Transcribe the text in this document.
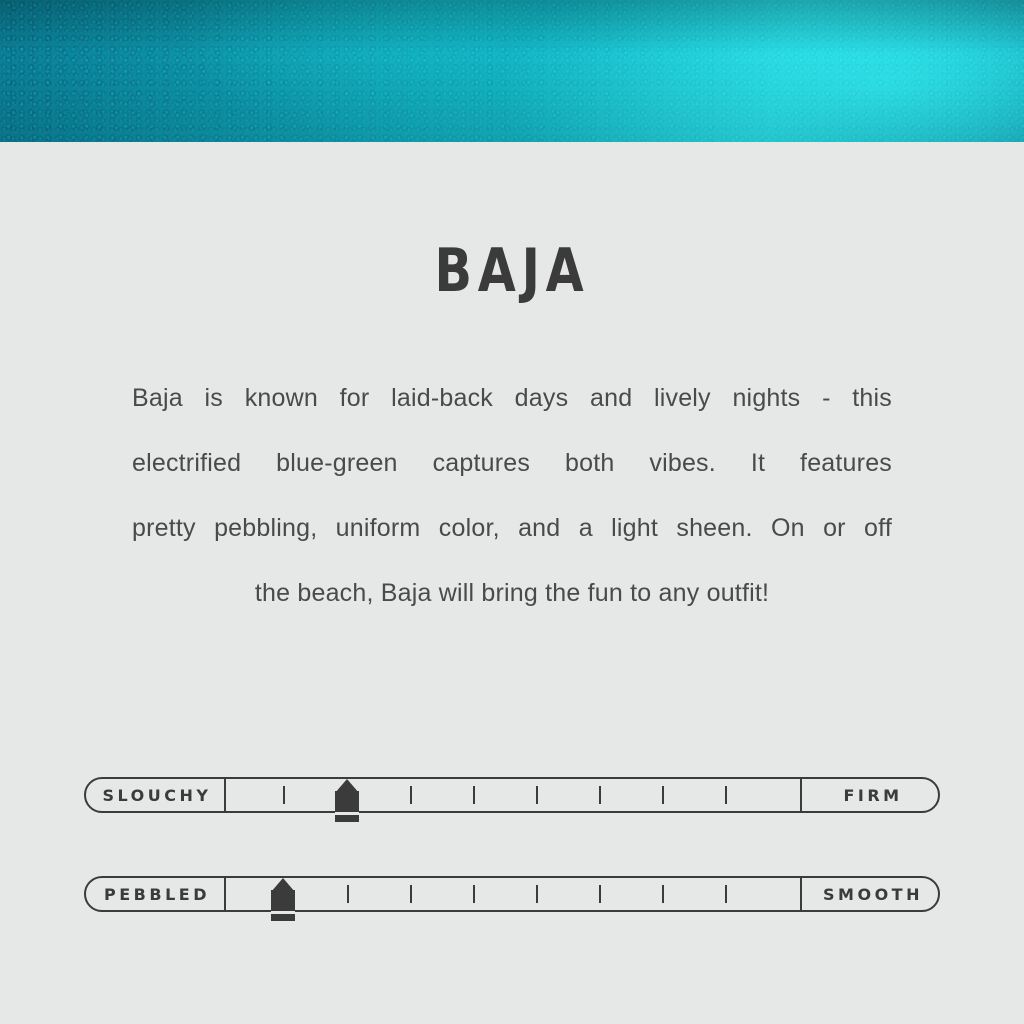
BAJA
Baja is known for laid-back days and lively nights - this
electrified blue-green captures both vibes. It features
pretty pebbling, uniform color, and a light sheen. On or off
the beach, Baja will bring the fun to any outfit!
SLOUCHY	FIRM
PEBBLED	SMOOTH
